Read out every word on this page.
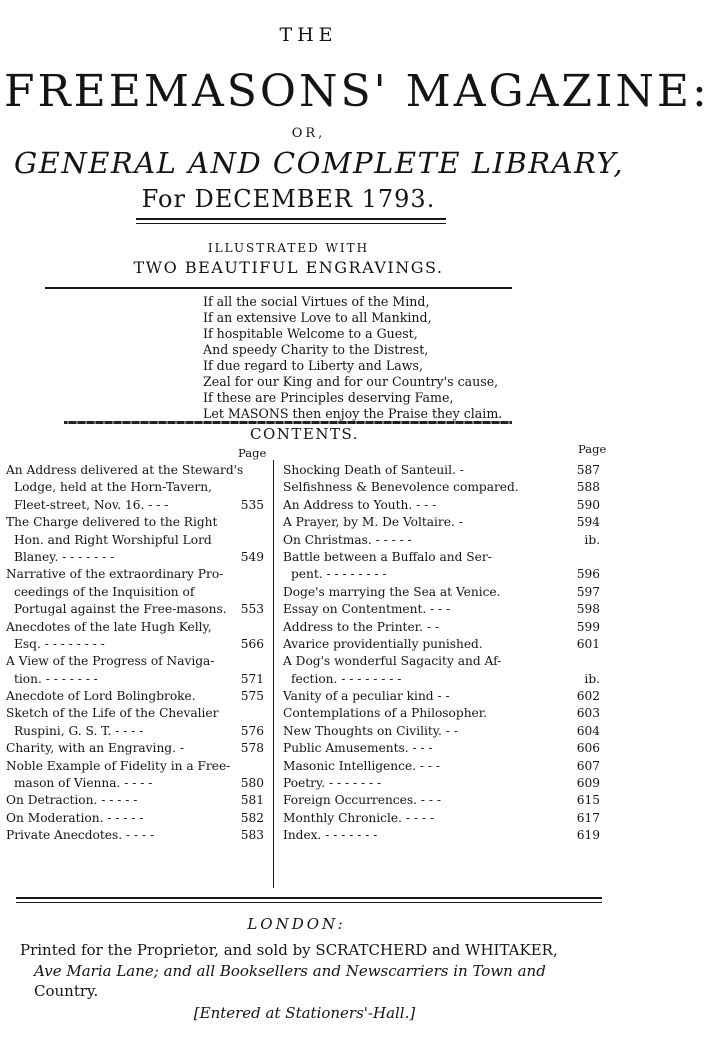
THE
FREEMASONS' MAGAZINE:
OR,
GENERAL AND COMPLETE LIBRARY,
For DECEMBER 1793.
ILLUSTRATED WITH
TWO BEAUTIFUL ENGRAVINGS.
If all the social Virtues of the Mind,
If an extensive Love to all Mankind,
If hospitable Welcome to a Guest,
And speedy Charity to the Distrest,
If due regard to Liberty and Laws,
Zeal for our King and for our Country's cause,
If these are Principles deserving Fame,
Let MASONS then enjoy the Praise they claim.
CONTENTS.
Page	Page
An Address delivered at the Steward's
Lodge, held at the Horn-Tavern,
Fleet-street, Nov. 16. - - -	535
The Charge delivered to the Right
Hon. and Right Worshipful Lord
Blaney. - - - - - - -	549
Narrative of the extraordinary Pro-
ceedings of the Inquisition of
Portugal against the Free-masons. 553
Anecdotes of the late Hugh Kelly,
Esq. - - - - - - - -	566
A View of the Progress of Naviga-
tion. - - - - - - -	571
Anecdote of Lord Bolingbroke.	575
Sketch of the Life of the Chevalier
Ruspini, G. S. T. - - - -	576
Charity, with an Engraving. -	578
Noble Example of Fidelity in a Free-
mason of Vienna. - - - -	580
On Detraction. - - - - -	581
On Moderation. - - - - -	582
Private Anecdotes. - - - -	583
Shocking Death of Santeuil. -	587
Selfishness & Benevolence compared.	588
An Address to Youth. - - -	590
A Prayer, by M. De Voltaire. -	594
On Christmas. - - - - -	ib.
Battle between a Buffalo and Ser-
pent. - - - - - - - -	596
Doge's marrying the Sea at Venice.	597
Essay on Contentment. - - -	598
Address to the Printer. - -	599
Avarice providentially punished.	601
A Dog's wonderful Sagacity and Af-
fection. - - - - - - - -	ib.
Vanity of a peculiar kind - -	602
Contemplations of a Philosopher.	603
New Thoughts on Civility. - -	604
Public Amusements. - - -	606
Masonic Intelligence. - - -	607
Poetry. - - - - - - -	609
Foreign Occurrences. - - -	615
Monthly Chronicle. - - - -	617
Index. - - - - - - -	619
LONDON:
Printed for the Proprietor, and sold by SCRATCHERD and WHITAKER,
Ave Maria Lane; and all Booksellers and Newscarriers in Town and
Country.
[Entered at Stationers'-Hall.]
